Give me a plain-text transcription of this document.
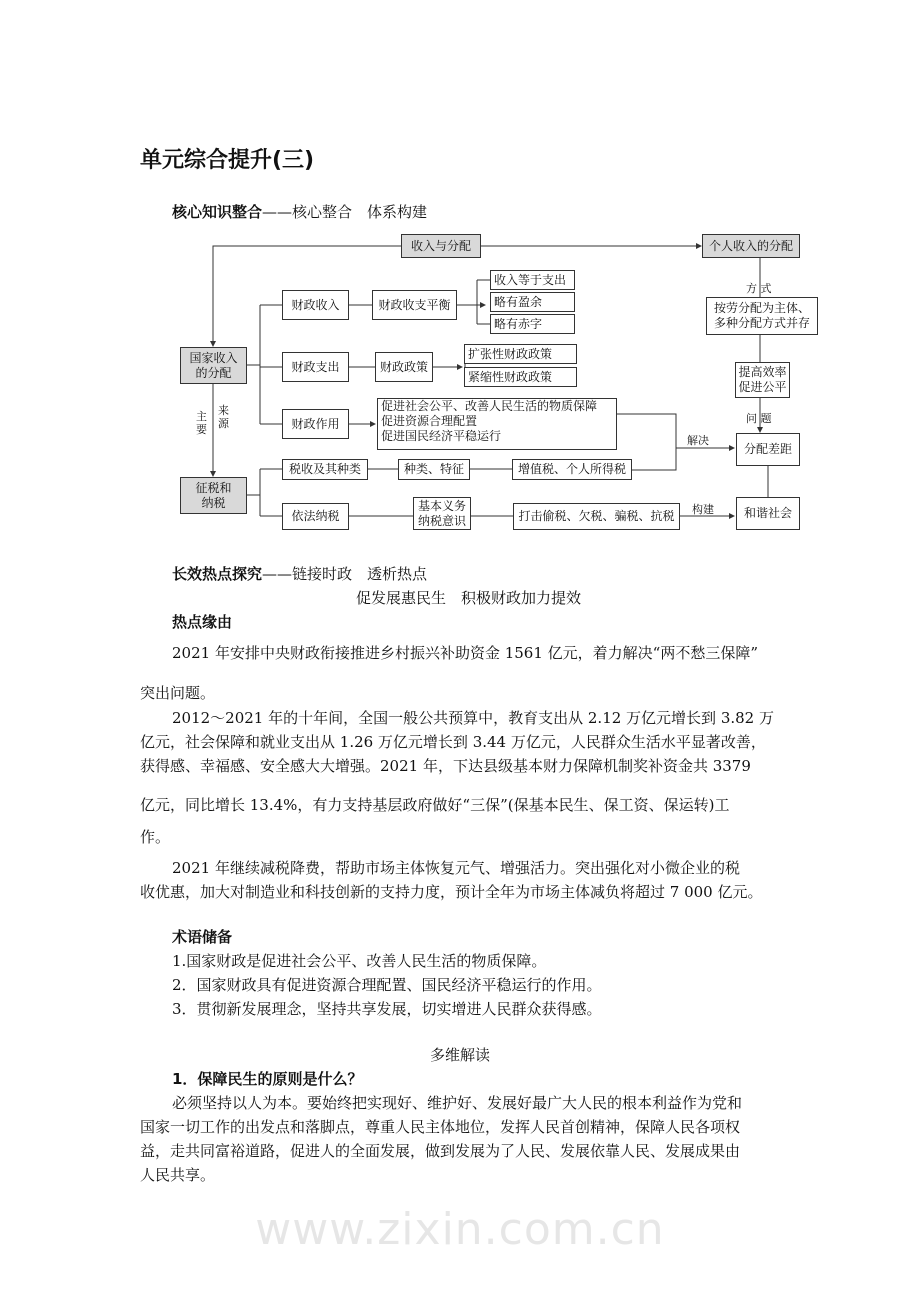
www.zixin.com.cn
单元综合提升(三)
核心知识整合——核心整合　体系构建
收入与分配	个人收入的分配
方 式
按劳分配为主体、
多种分配方式并存
提高效率
促进公平
问 题
分配差距
解决
构建	和谐社会
国家收入
的分配
主要
来源
征税和
纳税
财政收入	财政收支平衡
收入等于支出
略有盈余
略有赤字
财政支出	财政政策
扩张性财政政策
紧缩性财政政策
财政作用
促进社会公平、改善人民生活的物质保障
促进资源合理配置
促进国民经济平稳运行
税收及其种类	种类、特征	增值税、个人所得税
依法纳税
基本义务
纳税意识	打击偷税、欠税、骗税、抗税
长效热点探究——链接时政　透析热点
促发展惠民生　积极财政加力提效
热点缘由
2021 年安排中央财政衔接推进乡村振兴补助资金 1561 亿元，着力解决“两不愁三保障”
突出问题。
2012～2021 年的十年间，全国一般公共预算中，教育支出从 2.12 万亿元增长到 3.82 万
亿元，社会保障和就业支出从 1.26 万亿元增长到 3.44 万亿元，人民群众生活水平显著改善，
获得感、幸福感、安全感大大增强。2021 年，下达县级基本财力保障机制奖补资金共 3379
亿元，同比增长 13.4%，有力支持基层政府做好“三保”(保基本民生、保工资、保运转)工
作。
2021 年继续减税降费，帮助市场主体恢复元气、增强活力。突出强化对小微企业的税
收优惠，加大对制造业和科技创新的支持力度，预计全年为市场主体减负将超过 7 000 亿元。
术语储备
1.国家财政是促进社会公平、改善人民生活的物质保障。
2．国家财政具有促进资源合理配置、国民经济平稳运行的作用。
3．贯彻新发展理念，坚持共享发展，切实增进人民群众获得感。
多维解读
1．保障民生的原则是什么？
必须坚持以人为本。要始终把实现好、维护好、发展好最广大人民的根本利益作为党和
国家一切工作的出发点和落脚点，尊重人民主体地位，发挥人民首创精神，保障人民各项权
益，走共同富裕道路，促进人的全面发展，做到发展为了人民、发展依靠人民、发展成果由
人民共享。
